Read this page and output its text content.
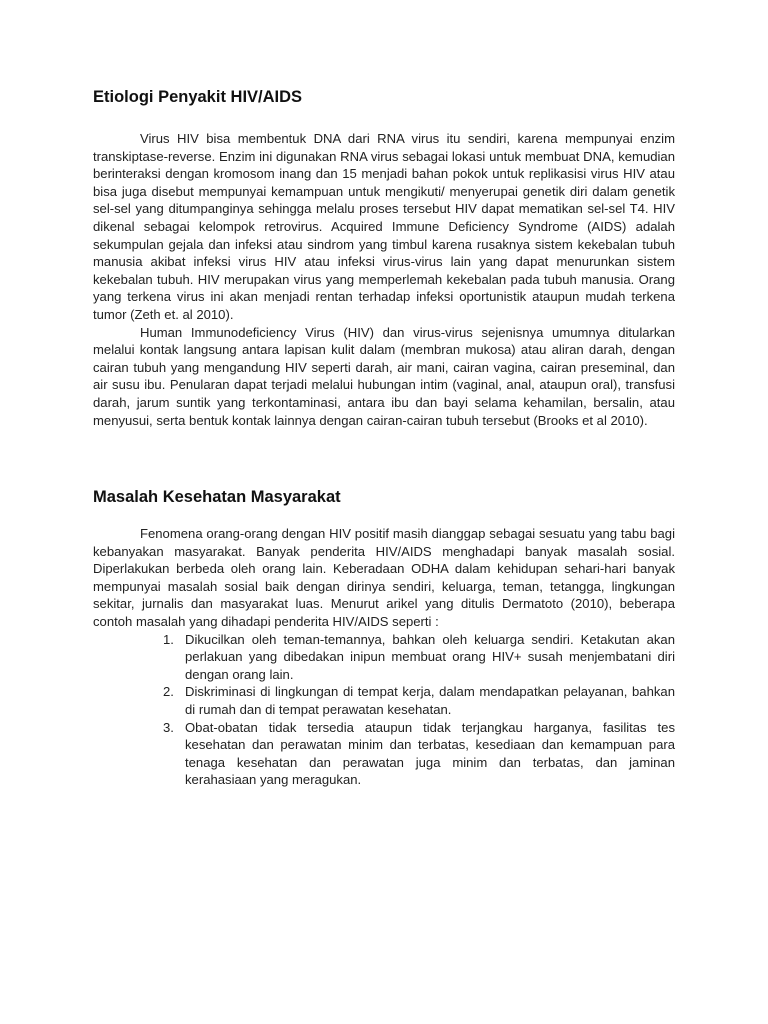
Etiologi Penyakit HIV/AIDS

Virus HIV bisa membentuk DNA dari RNA virus itu sendiri, karena mempunyai enzim transkiptase-reverse. Enzim ini digunakan RNA virus sebagai lokasi untuk membuat DNA, kemudian berinteraksi dengan kromosom inang dan 15 menjadi bahan pokok untuk replikasisi virus HIV atau bisa juga disebut mempunyai kemampuan untuk mengikuti/ menyerupai genetik diri dalam genetik sel-sel yang ditumpanginya sehingga melalu proses tersebut HIV dapat mematikan sel-sel T4. HIV dikenal sebagai kelompok retrovirus. Acquired Immune Deficiency Syndrome (AIDS) adalah sekumpulan gejala dan infeksi atau sindrom yang timbul karena rusaknya sistem kekebalan tubuh manusia akibat infeksi virus HIV atau infeksi virus-virus lain yang dapat menurunkan sistem kekebalan tubuh. HIV merupakan virus yang memperlemah kekebalan pada tubuh manusia. Orang yang terkena virus ini akan menjadi rentan terhadap infeksi oportunistik ataupun mudah terkena tumor (Zeth et. al 2010).

Human Immunodeficiency Virus (HIV) dan virus-virus sejenisnya umumnya ditularkan melalui kontak langsung antara lapisan kulit dalam (membran mukosa) atau aliran darah, dengan cairan tubuh yang mengandung HIV seperti darah, air mani, cairan vagina, cairan preseminal, dan air susu ibu. Penularan dapat terjadi melalui hubungan intim (vaginal, anal, ataupun oral), transfusi darah, jarum suntik yang terkontaminasi, antara ibu dan bayi selama kehamilan, bersalin, atau menyusui, serta bentuk kontak lainnya dengan cairan-cairan tubuh tersebut (Brooks et al 2010).

Masalah Kesehatan Masyarakat

Fenomena orang-orang dengan HIV positif masih dianggap sebagai sesuatu yang tabu bagi kebanyakan masyarakat. Banyak penderita HIV/AIDS menghadapi banyak masalah sosial. Diperlakukan berbeda oleh orang lain. Keberadaan ODHA dalam kehidupan sehari-hari banyak mempunyai masalah sosial baik dengan dirinya sendiri, keluarga, teman, tetangga, lingkungan sekitar, jurnalis dan masyarakat luas. Menurut arikel yang ditulis Dermatoto (2010), beberapa contoh masalah yang dihadapi penderita HIV/AIDS seperti :

1. Dikucilkan oleh teman-temannya, bahkan oleh keluarga sendiri. Ketakutan akan perlakuan yang dibedakan inipun membuat orang HIV+ susah menjembatani diri dengan orang lain.
2. Diskriminasi di lingkungan di tempat kerja, dalam mendapatkan pelayanan, bahkan di rumah dan di tempat perawatan kesehatan.
3. Obat-obatan tidak tersedia ataupun tidak terjangkau harganya, fasilitas tes kesehatan dan perawatan minim dan terbatas, kesediaan dan kemampuan para tenaga kesehatan dan perawatan juga minim dan terbatas, dan jaminan kerahasiaan yang meragukan.
